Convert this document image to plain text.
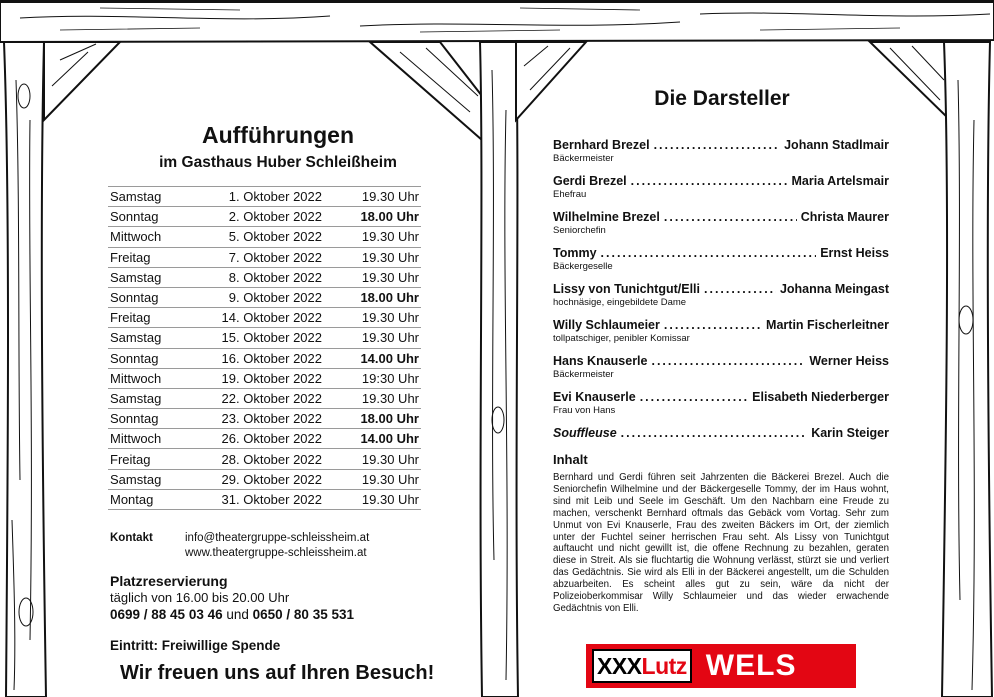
Aufführungen
im Gasthaus Huber Schleißheim
Samstag	1. Oktober 2022	19.30 Uhr
Sonntag	2. Oktober 2022	18.00 Uhr
Mittwoch	5. Oktober 2022	19.30 Uhr
Freitag	7. Oktober 2022	19.30 Uhr
Samstag	8. Oktober 2022	19.30 Uhr
Sonntag	9. Oktober 2022	18.00 Uhr
Freitag	14. Oktober 2022	19.30 Uhr
Samstag	15. Oktober 2022	19.30 Uhr
Sonntag	16. Oktober 2022	14.00 Uhr
Mittwoch	19. Oktober 2022	19:30 Uhr
Samstag	22. Oktober 2022	19.30 Uhr
Sonntag	23. Oktober 2022	18.00 Uhr
Mittwoch	26. Oktober 2022	14.00 Uhr
Freitag	28. Oktober 2022	19.30 Uhr
Samstag	29. Oktober 2022	19.30 Uhr
Montag	31. Oktober 2022	19.30 Uhr
Kontakt	info@theatergruppe-schleissheim.at
www.theatergruppe-schleissheim.at
Platzreservierung
täglich von 16.00 bis 20.00 Uhr
0699 / 88 45 03 46 und 0650 / 80 35 531
Eintritt: Freiwillige Spende
Wir freuen uns auf Ihren Besuch!
Die Darsteller
Bernhard Brezel .....	Johann Stadlmair
Bäckermeister
Gerdi Brezel .....	Maria Artelsmair
Ehefrau
Wilhelmine Brezel .....	Christa Maurer
Seniorchefin
Tommy .....	Ernst Heiss
Bäckergeselle
Lissy von Tunichtgut/Elli .....	Johanna Meingast
hochnäsige, eingebildete Dame
Willy Schlaumeier .....	Martin Fischerleitner
tollpatschiger, penibler Komissar
Hans Knauserle .....	Werner Heiss
Bäckermeister
Evi Knauserle .....	Elisabeth Niederberger
Frau von Hans
Souffleuse .....	Karin Steiger
Inhalt
Bernhard und Gerdi führen seit Jahrzenten die Bäckerei Brezel. Auch die Seniorchefin Wilhelmine und der Bäckergeselle Tommy, der im Haus wohnt, sind mit Leib und Seele im Geschäft. Um den Nachbarn eine Freude zu machen, verschenkt Bernhard oftmals das Gebäck vom Vortag. Sehr zum Unmut von Evi Knauserle, Frau des zweiten Bäckers im Ort, der ziemlich unter der Fuchtel seiner herrischen Frau seht. Als Lissy von Tunichtgut auftaucht und nicht gewillt ist, die offene Rechnung zu bezahlen, geraten diese in Streit. Als sie fluchtartig die Wohnung verlässt, stürzt sie und verliert das Gedächtnis. Sie wird als Elli in der Bäckerei angestellt, um die Schulden abzuarbeiten. Es scheint alles gut zu sein, wäre da nicht der Polizeioberkommisar Willy Schlaumeier und das wieder erwachende Gedächtnis von Elli.
XXX Lutz WELS
